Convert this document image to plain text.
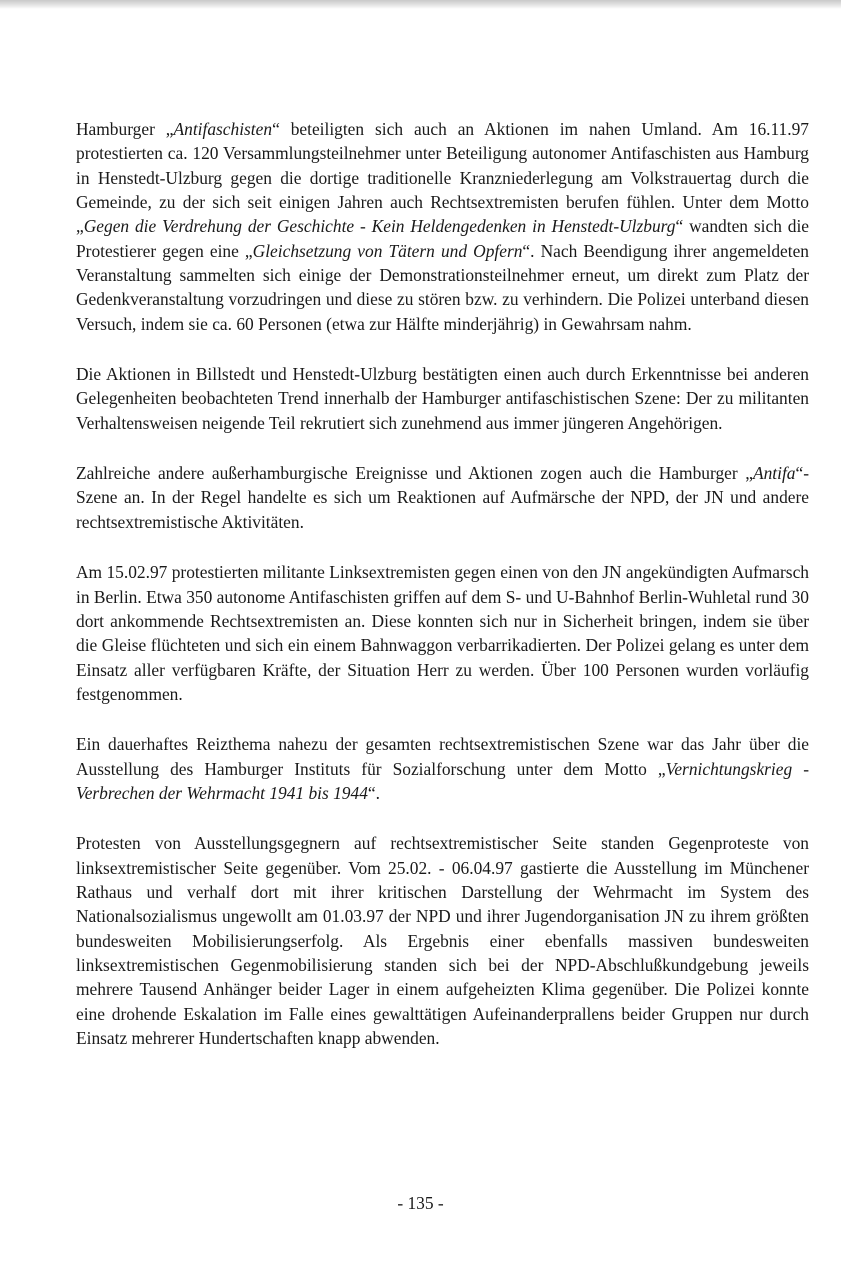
Hamburger „Antifaschisten“ beteiligten sich auch an Aktionen im nahen Umland. Am 16.11.97 protestierten ca. 120 Versammlungsteilnehmer unter Beteiligung autonomer Antifaschisten aus Hamburg in Henstedt-Ulzburg gegen die dortige traditionelle Kranzniederlegung am Volkstrauertag durch die Gemeinde, zu der sich seit einigen Jahren auch Rechtsextremisten berufen fühlen. Unter dem Motto „Gegen die Verdrehung der Geschichte - Kein Heldengedenken in Henstedt-Ulzburg“ wandten sich die Protestierer gegen eine „Gleichsetzung von Tätern und Opfern“. Nach Beendigung ihrer angemeldeten Veranstaltung sammelten sich einige der Demonstrationsteilnehmer erneut, um direkt zum Platz der Gedenkveranstaltung vorzudringen und diese zu stören bzw. zu verhindern. Die Polizei unterband diesen Versuch, indem sie ca. 60 Personen (etwa zur Hälfte minderjährig) in Gewahrsam nahm.

Die Aktionen in Billstedt und Henstedt-Ulzburg bestätigten einen auch durch Erkenntnisse bei anderen Gelegenheiten beobachteten Trend innerhalb der Hamburger antifaschistischen Szene: Der zu militanten Verhaltensweisen neigende Teil rekrutiert sich zunehmend aus immer jüngeren Angehörigen.

Zahlreiche andere außerhamburgische Ereignisse und Aktionen zogen auch die Hamburger „Antifa“-Szene an. In der Regel handelte es sich um Reaktionen auf Aufmärsche der NPD, der JN und andere rechtsextremistische Aktivitäten.

Am 15.02.97 protestierten militante Linksextremisten gegen einen von den JN angekündigten Aufmarsch in Berlin. Etwa 350 autonome Antifaschisten griffen auf dem S- und U-Bahnhof Berlin-Wuhletal rund 30 dort ankommende Rechtsextremisten an. Diese konnten sich nur in Sicherheit bringen, indem sie über die Gleise flüchteten und sich ein einem Bahnwaggon verbarrikadierten. Der Polizei gelang es unter dem Einsatz aller verfügbaren Kräfte, der Situation Herr zu werden. Über 100 Personen wurden vorläufig festgenommen.

Ein dauerhaftes Reizthema nahezu der gesamten rechtsextremistischen Szene war das Jahr über die Ausstellung des Hamburger Instituts für Sozialforschung unter dem Motto „Vernichtungskrieg - Verbrechen der Wehrmacht 1941 bis 1944“.

Protesten von Ausstellungsgegnern auf rechtsextremistischer Seite standen Gegenproteste von linksextremistischer Seite gegenüber. Vom 25.02. - 06.04.97 gastierte die Ausstellung im Münchener Rathaus und verhalf dort mit ihrer kritischen Darstellung der Wehrmacht im System des Nationalsozialismus ungewollt am 01.03.97 der NPD und ihrer Jugendorganisation JN zu ihrem größten bundesweiten Mobilisierungserfolg. Als Ergebnis einer ebenfalls massiven bundesweiten linksextremistischen Gegenmobilisierung standen sich bei der NPD-Abschlußkundgebung jeweils mehrere Tausend Anhänger beider Lager in einem aufgeheizten Klima gegenüber. Die Polizei konnte eine drohende Eskalation im Falle eines gewalttätigen Aufeinanderprallens beider Gruppen nur durch Einsatz mehrerer Hundertschaften knapp abwenden.

- 135 -
